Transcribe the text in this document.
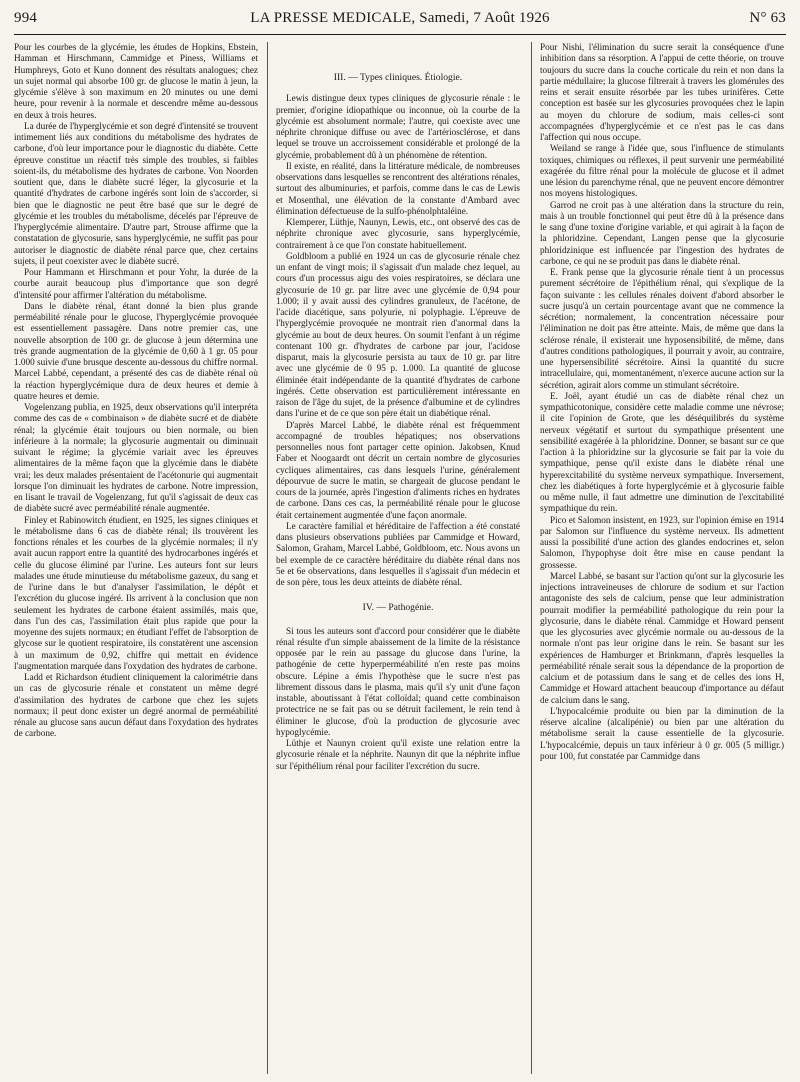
994	LA PRESSE MEDICALE, Samedi, 7 Août 1926	N° 63

Pour les courbes de la glycémie, les études de Hopkins, Ebstein, Hamman et Hirschmann, Cammidge et Piness, Williams et Humphreys, Goto et Kuno donnent des résultats analogues; chez un sujet normal qui absorbe 100 gr. de glucose le matin à jeun, la glycémie s'élève à son maximum en 20 minutes ou une demi heure, pour revenir à la normale et descendre même au-dessous en deux à trois heures.

La durée de l'hyperglycémie et son degré d'intensité se trouvent intimement liés aux conditions du métabolisme des hydrates de carbone, d'où leur importance pour le diagnostic du diabète. Cette épreuve constitue un réactif très simple des troubles, si faibles soient-ils, du métabolisme des hydrates de carbone. Von Noorden soutient que, dans le diabète sucré léger, la glycosurie et la quantité d'hydrates de carbone ingérés sont loin de s'accorder, si bien que le diagnostic ne peut être basé que sur le degré de glycémie et les troubles du métabolisme, décelés par l'épreuve de l'hyperglycémie alimentaire. D'autre part, Strouse affirme que la constatation de glycosurie, sans hyperglycémie, ne suffit pas pour autoriser le diagnostic de diabète rénal parce que, chez certains sujets, il peut coexister avec le diabète sucré.

Pour Hammann et Hirschmann et pour Yohr, la durée de la courbe aurait beaucoup plus d'importance que son degré d'intensité pour affirmer l'altération du métabolisme.

Dans le diabète rénal, étant donné la bien plus grande perméabilité rénale pour le glucose, l'hyperglycémie provoquée est essentiellement passagère. Dans notre premier cas, une nouvelle absorption de 100 gr. de glucose à jeun détermina une très grande augmentation de la glycémie de 0,60 à 1 gr. 05 pour 1.000 suivie d'une brusque descente au-dessous du chiffre normal. Marcel Labbé, cependant, a présenté des cas de diabète rénal où la réaction hyperglycémique dura de deux heures et demie à quatre heures et demie.

Vogelenzang publia, en 1925, deux observations qu'il interpréta comme des cas de « combinaison » de diabète sucré et de diabète rénal; la glycémie était toujours ou bien normale, ou bien inférieure à la normale; la glycosurie augmentait ou diminuait suivant le régime; la glycémie variait avec les épreuves alimentaires de la même façon que la glycémie dans le diabète vrai; les deux malades présentaient de l'acétonurie qui augmentait lorsque l'on diminuait les hydrates de carbone. Notre impression, en lisant le travail de Vogelenzang, fut qu'il s'agissait de deux cas de diabète sucré avec perméabilité rénale augmentée.

Finley et Rabinowitch étudient, en 1925, les signes cliniques et le métabolisme dans 6 cas de diabète rénal; ils trouvèrent les fonctions rénales et les courbes de la glycémie normales; il n'y avait aucun rapport entre la quantité des hydrocarbones ingérés et celle du glucose éliminé par l'urine. Les auteurs font sur leurs malades une étude minutieuse du métabolisme gazeux, du sang et de l'urine dans le but d'analyser l'assimilation, le dépôt et l'excrétion du glucose ingéré. Ils arrivent à la conclusion que non seulement les hydrates de carbone étaient assimilés, mais que, dans l'un des cas, l'assimilation était plus rapide que pour la moyenne des sujets normaux; en étudiant l'effet de l'absorption de glycose sur le quotient respiratoire, ils constatèrent une ascension à un maximum de 0,92, chiffre qui mettait en évidence l'augmentation marquée dans l'oxydation des hydrates de carbone.

Ladd et Richardson étudient cliniquement la calorimétrie dans un cas de glycosurie rénale et constatent un même degré d'assimilation des hydrates de carbone que chez les sujets normaux; il peut donc exister un degré anormal de perméabilité rénale au glucose sans aucun défaut dans l'oxydation des hydrates de carbone.

III. — Types cliniques. Étiologie.

Lewis distingue deux types cliniques de glycosurie rénale : le premier, d'origine idiopathique ou inconnue, où la courbe de la glycémie est absolument normale; l'autre, qui coexiste avec une néphrite chronique diffuse ou avec de l'artériosclérose, et dans lequel se trouve un accroissement considérable et prolongé de la glycémie, probablement dû à un phénomène de rétention.

Il existe, en réalité, dans la littérature médicale, de nombreuses observations dans lesquelles se rencontrent des altérations rénales, surtout des albuminuries, et parfois, comme dans le cas de Lewis et Mosenthal, une élévation de la constante d'Ambard avec élimination défectueuse de la sulfo-phénolphtaléine.

Klemperer, Lüthje, Naunyn, Lewis, etc., ont observé des cas de néphrite chronique avec glycosurie, sans hyperglycémie, contrairement à ce que l'on constate habituellement.

Goldbloom a publié en 1924 un cas de glycosurie rénale chez un enfant de vingt mois; il s'agissait d'un malade chez lequel, au cours d'un processus aigu des voies respiratoires, se déclara une glycosurie de 10 gr. par litre avec une glycémie de 0,94 pour 1.000; il y avait aussi des cylindres granuleux, de l'acétone, de l'acide diacétique, sans polyurie, ni polyphagie. L'épreuve de l'hyperglycémie provoquée ne montrait rien d'anormal dans la glycémie au bout de deux heures. On soumit l'enfant à un régime contenant 100 gr. d'hydrates de carbone par jour, l'acidose disparut, mais la glycosurie persista au taux de 10 gr. par litre avec une glycémie de 0 95 p. 1.000. La quantité de glucose éliminée était indépendante de la quantité d'hydrates de carbone ingérés. Cette observation est particulièrement intéressante en raison de l'âge du sujet, de la présence d'albumine et de cylindres dans l'urine et de ce que son père était un diabétique rénal.

D'après Marcel Labbé, le diabète rénal est fréquemment accompagné de troubles hépatiques; nos observations personnelles nous font partager cette opinion. Jakobsen, Knud Faber et Noogaardt ont décrit un certain nombre de glycosuries cycliques alimentaires, cas dans lesquels l'urine, généralement dépourvue de sucre le matin, se chargeait de glucose pendant le cours de la journée, après l'ingestion d'aliments riches en hydrates de carbone. Dans ces cas, la perméabilité rénale pour le glucose était certainement augmentée d'une façon anormale.

Le caractère familial et héréditaire de l'affection a été constaté dans plusieurs observations publiées par Cammidge et Howard, Salomon, Graham, Marcel Labbé, Goldbloom, etc. Nous avons un bel exemple de ce caractère héréditaire du diabète rénal dans nos 5e et 6e observations, dans lesquelles il s'agissait d'un médecin et de son père, tous les deux atteints de diabète rénal.

IV. — Pathogénie.

Si tous les auteurs sont d'accord pour considérer que le diabète rénal résulte d'un simple abaissement de la limite de la résistance opposée par le rein au passage du glucose dans l'urine, la pathogénie de cette hyperperméabilité n'en reste pas moins obscure. Lépine a émis l'hypothèse que le sucre n'est pas librement dissous dans le plasma, mais qu'il s'y unit d'une façon instable, aboutissant à l'état colloïdal; quand cette combinaison protectrice ne se fait pas ou se détruit facilement, le rein tend à éliminer le glucose, d'où la production de glycosurie avec hypoglycémie.

Lüthje et Naunyn croient qu'il existe une relation entre la glycosurie rénale et la néphrite. Naunyn dit que la néphrite influe sur l'épithélium rénal pour faciliter l'excrétion du sucre.

Pour Nishi, l'élimination du sucre serait la conséquence d'une inhibition dans sa résorption. A l'appui de cette théorie, on trouve toujours du sucre dans la couche corticale du rein et non dans la partie médullaire; la glucose filtrerait à travers les glomérules des reins et serait ensuite résorbée par les tubes urinifères. Cette conception est basée sur les glycosuries provoquées chez le lapin au moyen du chlorure de sodium, mais celles-ci sont accompagnées d'hyperglycémie et ce n'est pas le cas dans l'affection qui nous occupe.

Weiland se range à l'idée que, sous l'influence de stimulants toxiques, chimiques ou réflexes, il peut survenir une perméabilité exagérée du filtre rénal pour la molécule de glucose et il admet une lésion du parenchyme rénal, que ne peuvent encore démontrer nos moyens histologiques.

Garrod ne croit pas à une altération dans la structure du rein, mais à un trouble fonctionnel qui peut être dû à la présence dans le sang d'une toxine d'origine variable, et qui agirait à la façon de la phloridzine. Cependant, Langen pense que la glycosurie phloridzinique est influencée par l'ingestion des hydrates de carbone, ce qui ne se produit pas dans le diabète rénal.

E. Frank pense que la glycosurie rénale tient à un processus purement sécrétoire de l'épithélium rénal, qui s'explique de la façon suivante : les cellules rénales doivent d'abord absorber le sucre jusqu'à un certain pourcentage avant que ne commence la sécrétion; normalement, la concentration nécessaire pour l'élimination ne doit pas être atteinte. Mais, de même que dans la sclérose rénale, il existerait une hyposensibilité, de même, dans d'autres conditions pathologiques, il pourrait y avoir, au contraire, une hypersensibilité sécrétoire. Ainsi la quantité du sucre intracellulaire, qui, momentanément, n'exerce aucune action sur la sécrétion, agirait alors comme un stimulant sécrétoire.

E. Joël, ayant étudié un cas de diabète rénal chez un sympathicotonique, considère cette maladie comme une névrose; il cite l'opinion de Grote, que les déséquilibrés du système nerveux végétatif et surtout du sympathique présentent une sensibilité exagérée à la phloridzine. Donner, se basant sur ce que l'action à la phloridzine sur la glycosurie se fait par la voie du sympathique, pense qu'il existe dans le diabète rénal une hyperexcitabilité du système nerveux sympathique. Inversement, chez les diabétiques à forte hyperglycémie et à glycosurie faible ou même nulle, il faut admettre une diminution de l'excitabilité sympathique du rein.

Pico et Salomon insistent, en 1923, sur l'opinion émise en 1914 par Salomon sur l'influence du système nerveux. Ils admettent aussi la possibilité d'une action des glandes endocrines et, selon Salomon, l'hypophyse doit être mise en cause pendant la grossesse.

Marcel Labbé, se basant sur l'action qu'ont sur la glycosurie les injections intraveineuses de chlorure de sodium et sur l'action antagoniste des sels de calcium, pense que leur administration pourrait modifier la perméabilité pathologique du rein pour la glycosurie, dans le diabète rénal. Cammidge et Howard pensent que les glycosuries avec glycémie normale ou au-dessous de la normale n'ont pas leur origine dans le rein. Se basant sur les expériences de Hamburger et Brinkmann, d'après lesquelles la perméabilité rénale serait sous la dépendance de la proportion de calcium et de potassium dans le sang et de celles des ions H, Cammidge et Howard attachent beaucoup d'importance au défaut de calcium dans le sang.

L'hypocalcémie produite ou bien par la diminution de la réserve alcaline (alcalipénie) ou bien par une altération du métabolisme serait la cause essentielle de la glycosurie. L'hypocalcémie, depuis un taux inférieur à 0 gr. 005 (5 milligr.) pour 100, fut constatée par Cammidge dans
